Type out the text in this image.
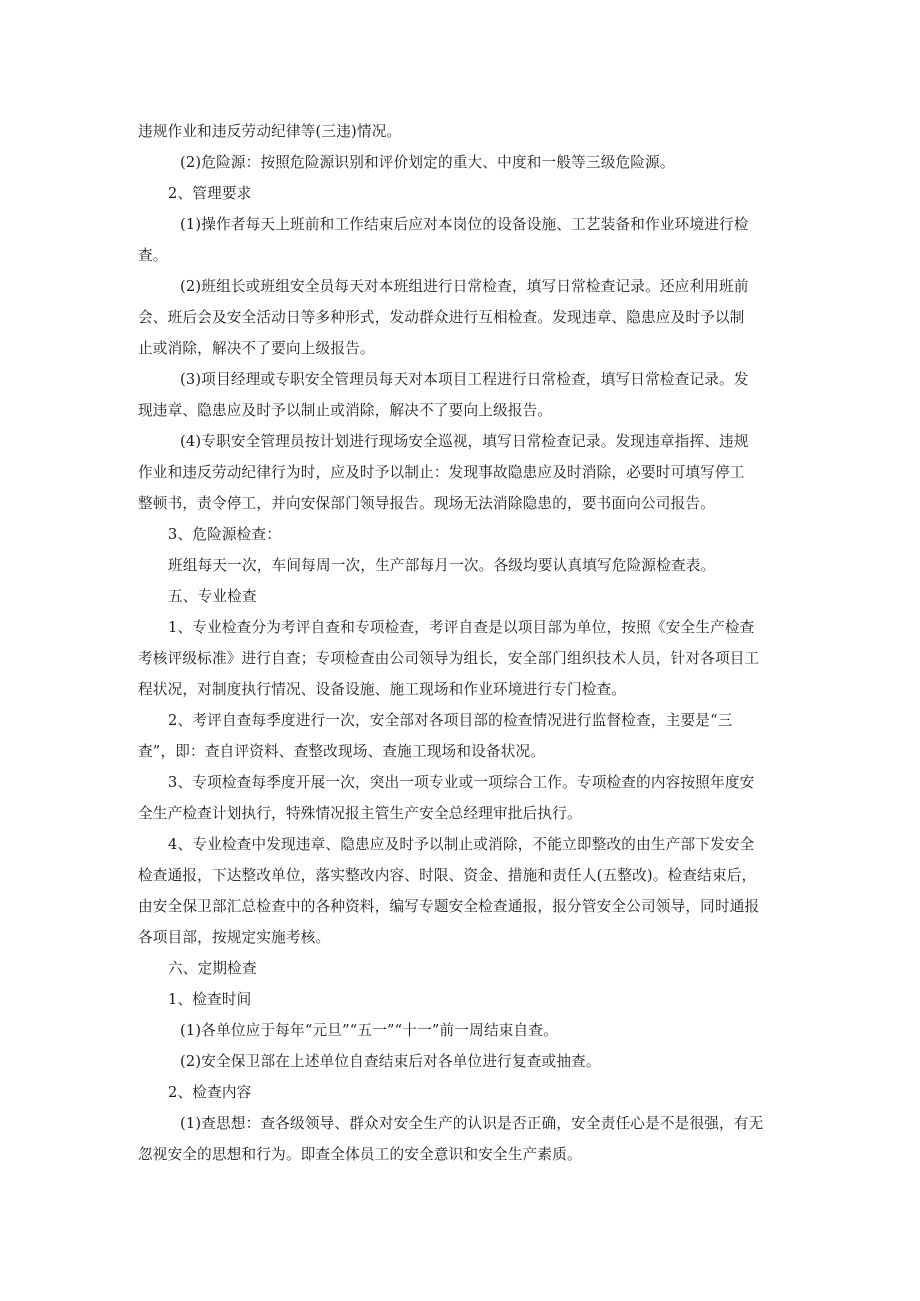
违规作业和违反劳动纪律等(三违)情况。
(2)危险源：按照危险源识别和评价划定的重大、中度和一般等三级危险源。
2、管理要求
(1)操作者每天上班前和工作结束后应对本岗位的设备设施、工艺装备和作业环境进行检
查。
(2)班组长或班组安全员每天对本班组进行日常检查，填写日常检查记录。还应利用班前
会、班后会及安全活动日等多种形式，发动群众进行互相检查。发现违章、隐患应及时予以制
止或消除，解决不了要向上级报告。
(3)项目经理或专职安全管理员每天对本项目工程进行日常检查，填写日常检查记录。发
现违章、隐患应及时予以制止或消除，解决不了要向上级报告。
(4)专职安全管理员按计划进行现场安全巡视，填写日常检查记录。发现违章指挥、违规
作业和违反劳动纪律行为时，应及时予以制止：发现事故隐患应及时消除，必要时可填写停工
整顿书，责令停工，并向安保部门领导报告。现场无法消除隐患的，要书面向公司报告。
3、危险源检查：
班组每天一次，车间每周一次，生产部每月一次。各级均要认真填写危险源检查表。
五、专业检查
1、专业检查分为考评自查和专项检查，考评自查是以项目部为单位，按照《安全生产检查
考核评级标准》进行自查；专项检查由公司领导为组长，安全部门组织技术人员，针对各项目工
程状况，对制度执行情况、设备设施、施工现场和作业环境进行专门检查。
2、考评自查每季度进行一次，安全部对各项目部的检查情况进行监督检查，主要是“三
查”，即：查自评资料、查整改现场、查施工现场和设备状况。
3、专项检查每季度开展一次，突出一项专业或一项综合工作。专项检查的内容按照年度安
全生产检查计划执行，特殊情况报主管生产安全总经理审批后执行。
4、专业检查中发现违章、隐患应及时予以制止或消除，不能立即整改的由生产部下发安全
检查通报，下达整改单位，落实整改内容、时限、资金、措施和责任人(五整改)。检查结束后，
由安全保卫部汇总检查中的各种资料，编写专题安全检查通报，报分管安全公司领导，同时通报
各项目部，按规定实施考核。
六、定期检查
1、检查时间
(1)各单位应于每年“元旦”“五一”“十一”前一周结束自查。
(2)安全保卫部在上述单位自查结束后对各单位进行复查或抽查。
2、检查内容
(1)查思想：查各级领导、群众对安全生产的认识是否正确，安全责任心是不是很强，有无
忽视安全的思想和行为。即查全体员工的安全意识和安全生产素质。
